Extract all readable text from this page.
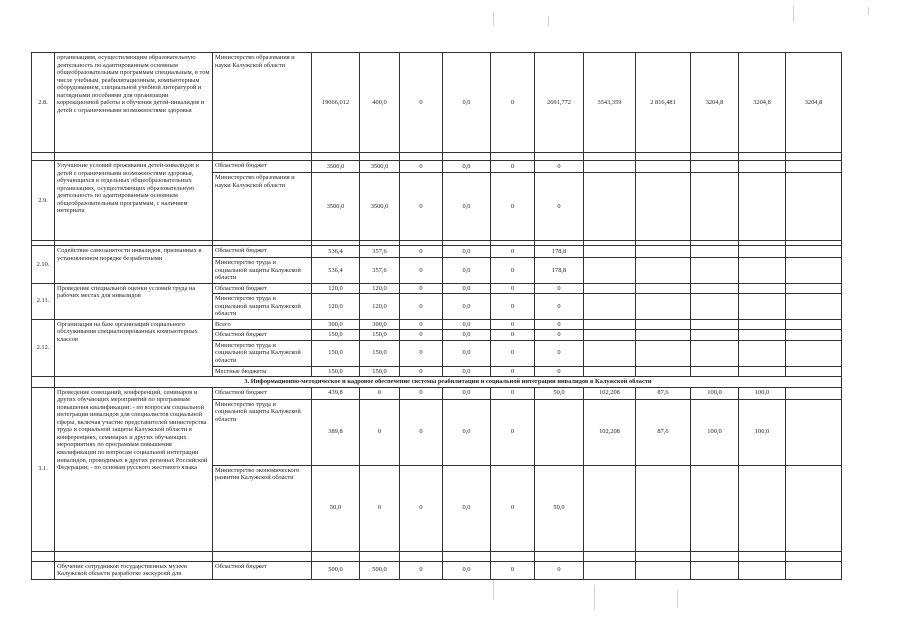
|
2.8.	организациям, осуществляющим образовательную деятельность по адаптированным основным общеобразовательным программам специальным, в том числе учебным, реабилитационным, компьютерным оборудованием, специальной учебной литературой и наглядными пособиями для организации коррекционной работы и обучения детей-инвалидов и детей с ограниченными возможностями здоровья	Министерство образования и науки Калужской области	19066,012	400,0	0	0,0	0	2691,772	3543,359	2 816,481	3204,8	3204,8	3204,8

2.9.	Улучшение условий проживания детей-инвалидов и детей с ограниченными возможностями здоровья, обучающихся в отдельных общеобразовательных организациях, осуществляющих образовательную деятельность по адаптированным основным общеобразовательным программам, с наличием интерната	Областной бюджет	3500,0	3500,0	0	0,0	0	0					
		Министерство образования и науки Калужской области	3500,0	3500,0	0	0,0	0	0					

2.10.	Содействие самозанятости инвалидов, признанных в установленном порядке безработными	Областной бюджет	536,4	357,6	0	0,0	0	178,8					
		Министерство труда и социальной защиты Калужской области	536,4	357,6	0	0,0	0	178,8					
2.11.	Проведение специальной оценки условий труда на рабочих местах для инвалидов	Областной бюджет	120,0	120,0	0	0,0	0	0					
		Министерство труда и социальной защиты Калужской области	120,0	120,0	0	0,0	0	0					
2.12.	Организация на базе организаций социального обслуживания специализированных компьютерных классов	Всего	300,0	300,0	0	0,0	0	0					
		Областной бюджет	150,0	150,0	0	0,0	0	0					
		Министерство труда и социальной защиты Калужской области	150,0	150,0	0	0,0	0	0					
		Местные бюджеты	150,0	150,0	0	0,0	0	0					
	3. Информационно-методическое и кадровое обеспечение системы реабилитации и социальной интеграции инвалидов в Калужской области												
3.1.	Проведение совещаний, конференций, семинаров и других обучающих мероприятий по программам повышения квалификации: - по вопросам социальной интеграции инвалидов для специалистов социальной сферы, включая участие представителей министерства труда и социальной защиты Калужской области в конференциях, семинарах и других обучающих мероприятиях по программам повышения квалификации по вопросам социальной интеграции инвалидов, проводимых в других регионах Российской Федерации; - по основам русского жестового языка	Областной бюджет	439,8	0	0	0,0	0	50,0	102,208	87,6	100,0	100,0	
		Министерство труда и социальной защиты Калужской области	389,8	0	0	0,0	0		102,208	87,6	100,0	100,0	
		Министерство экономического развития Калужской области	50,0	0	0	0,0	0	50,0					

	Обучение сотрудников государственных музеев Калужской области разработке экскурсий для	Областной бюджет	500,0	500,0	0	0,0	0	0					
